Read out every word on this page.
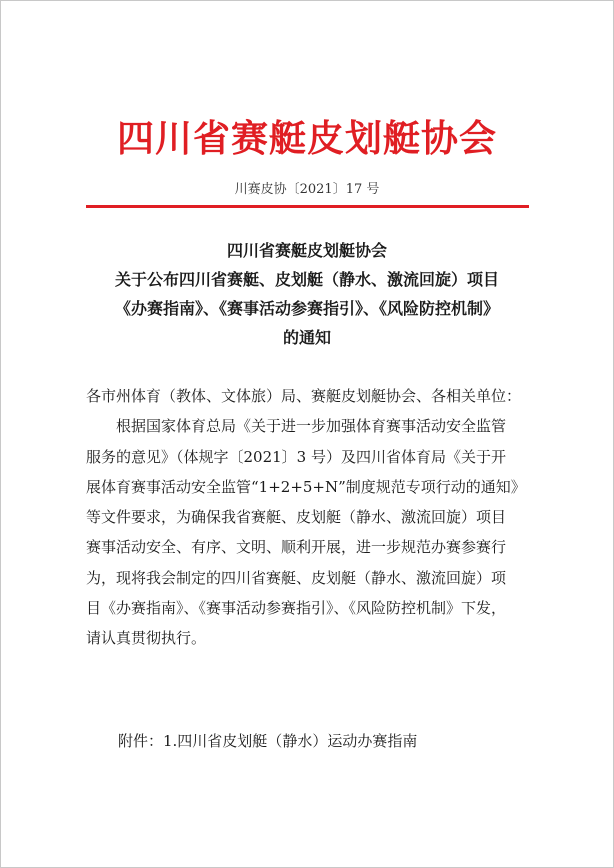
四川省赛艇皮划艇协会
川赛皮协〔2021〕17 号
四川省赛艇皮划艇协会
关于公布四川省赛艇、皮划艇（静水、激流回旋）项目
《办赛指南》、《赛事活动参赛指引》、《风险防控机制》
的通知
各市州体育（教体、文体旅）局、赛艇皮划艇协会、各相关单位：
根据国家体育总局《关于进一步加强体育赛事活动安全监管
服务的意见》（体规字〔2021〕3 号）及四川省体育局《关于开
展体育赛事活动安全监管“1+2+5+N”制度规范专项行动的通知》
等文件要求，为确保我省赛艇、皮划艇（静水、激流回旋）项目
赛事活动安全、有序、文明、顺利开展，进一步规范办赛参赛行
为，现将我会制定的四川省赛艇、皮划艇（静水、激流回旋）项
目《办赛指南》、《赛事活动参赛指引》、《风险防控机制》下发，
请认真贯彻执行。
附件：1.四川省皮划艇（静水）运动办赛指南
